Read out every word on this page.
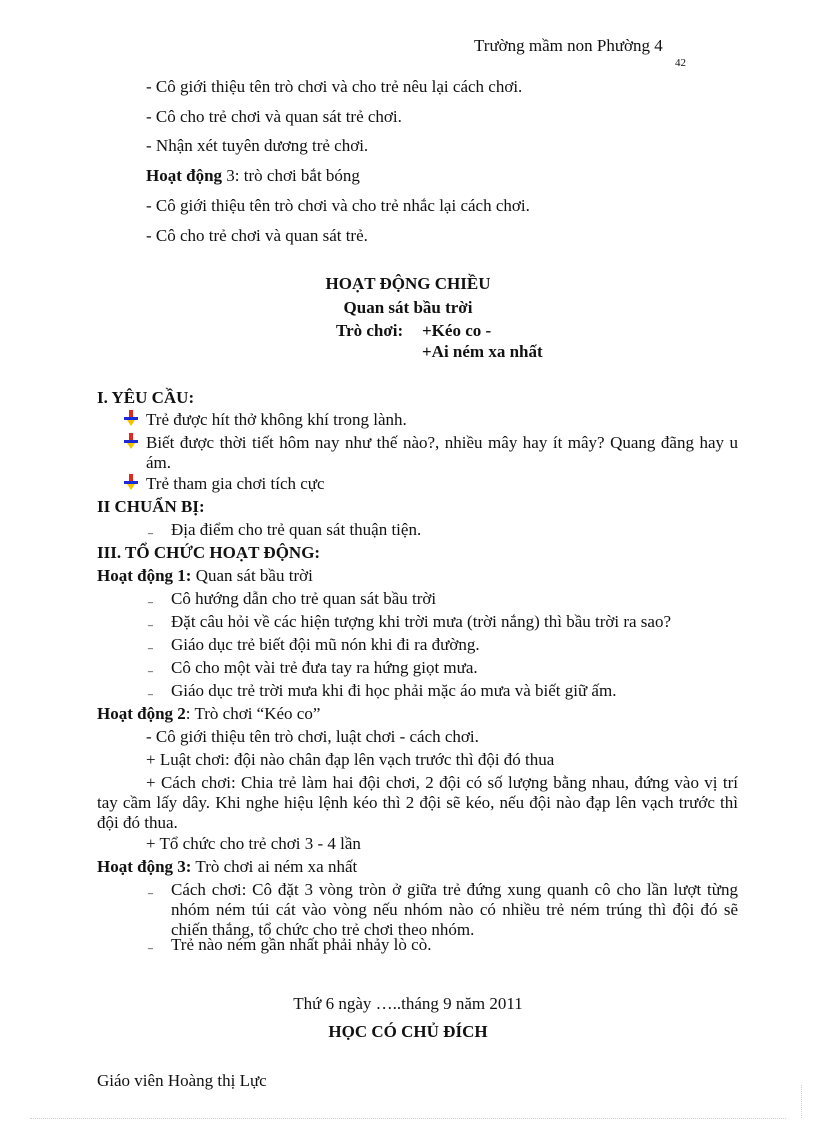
Trường mầm non Phường 4
42
- Cô giới thiệu tên trò chơi và cho trẻ nêu lại cách chơi.
- Cô cho trẻ chơi và quan sát trẻ chơi.
- Nhận xét tuyên dương trẻ chơi.
Hoạt động 3: trò chơi bắt bóng
- Cô giới thiệu tên trò chơi và cho trẻ nhắc lại cách chơi.
- Cô cho trẻ chơi và quan sát trẻ.
HOẠT ĐỘNG CHIỀU
Quan sát bầu trời
Trò chơi: +Kéo co -
+Ai ném xa nhất
I. YÊU CẦU:
Trẻ được hít thở không khí trong lành.
Biết được thời tiết hôm nay như thế nào?, nhiều mây hay ít mây? Quang đãng hay u ám.
Trẻ tham gia chơi tích cực
II CHUẨN BỊ:
₋ Địa điểm cho trẻ quan sát thuận tiện.
III. TỔ CHỨC HOẠT ĐỘNG:
Hoạt động 1: Quan sát bầu trời
₋ Cô hướng dẫn cho trẻ quan sát bầu trời
₋ Đặt câu hỏi về các hiện tượng khi trời mưa (trời nắng) thì bầu trời ra sao?
₋ Giáo dục trẻ biết đội mũ nón khi đi ra đường.
₋ Cô cho một vài trẻ đưa tay ra hứng giọt mưa.
₋ Giáo dục trẻ trời mưa khi đi học phải mặc áo mưa và biết giữ ấm.
Hoạt động 2: Trò chơi “Kéo co”
- Cô giới thiệu tên trò chơi, luật chơi - cách chơi.
+ Luật chơi: đội nào chân đạp lên vạch trước thì đội đó thua
+ Cách chơi: Chia trẻ làm hai đội chơi, 2 đội có số lượng bằng nhau, đứng vào vị trí tay cầm lấy dây. Khi nghe hiệu lệnh kéo thì 2 đội sẽ kéo, nếu đội nào đạp lên vạch trước thì đội đó thua.
+ Tổ chức cho trẻ chơi 3 - 4 lần
Hoạt động 3: Trò chơi ai ném xa nhất
₋ Cách chơi: Cô đặt 3 vòng tròn ở giữa trẻ đứng xung quanh cô cho lần lượt từng nhóm ném túi cát vào vòng nếu nhóm nào có nhiều trẻ ném trúng thì đội đó sẽ chiến thắng, tổ chức cho trẻ chơi theo nhóm.
₋ Trẻ nào ném gần nhất phải nhảy lò cò.
Thứ 6 ngày …..tháng 9 năm 2011
HỌC CÓ CHỦ ĐÍCH
Giáo viên Hoàng thị Lực
